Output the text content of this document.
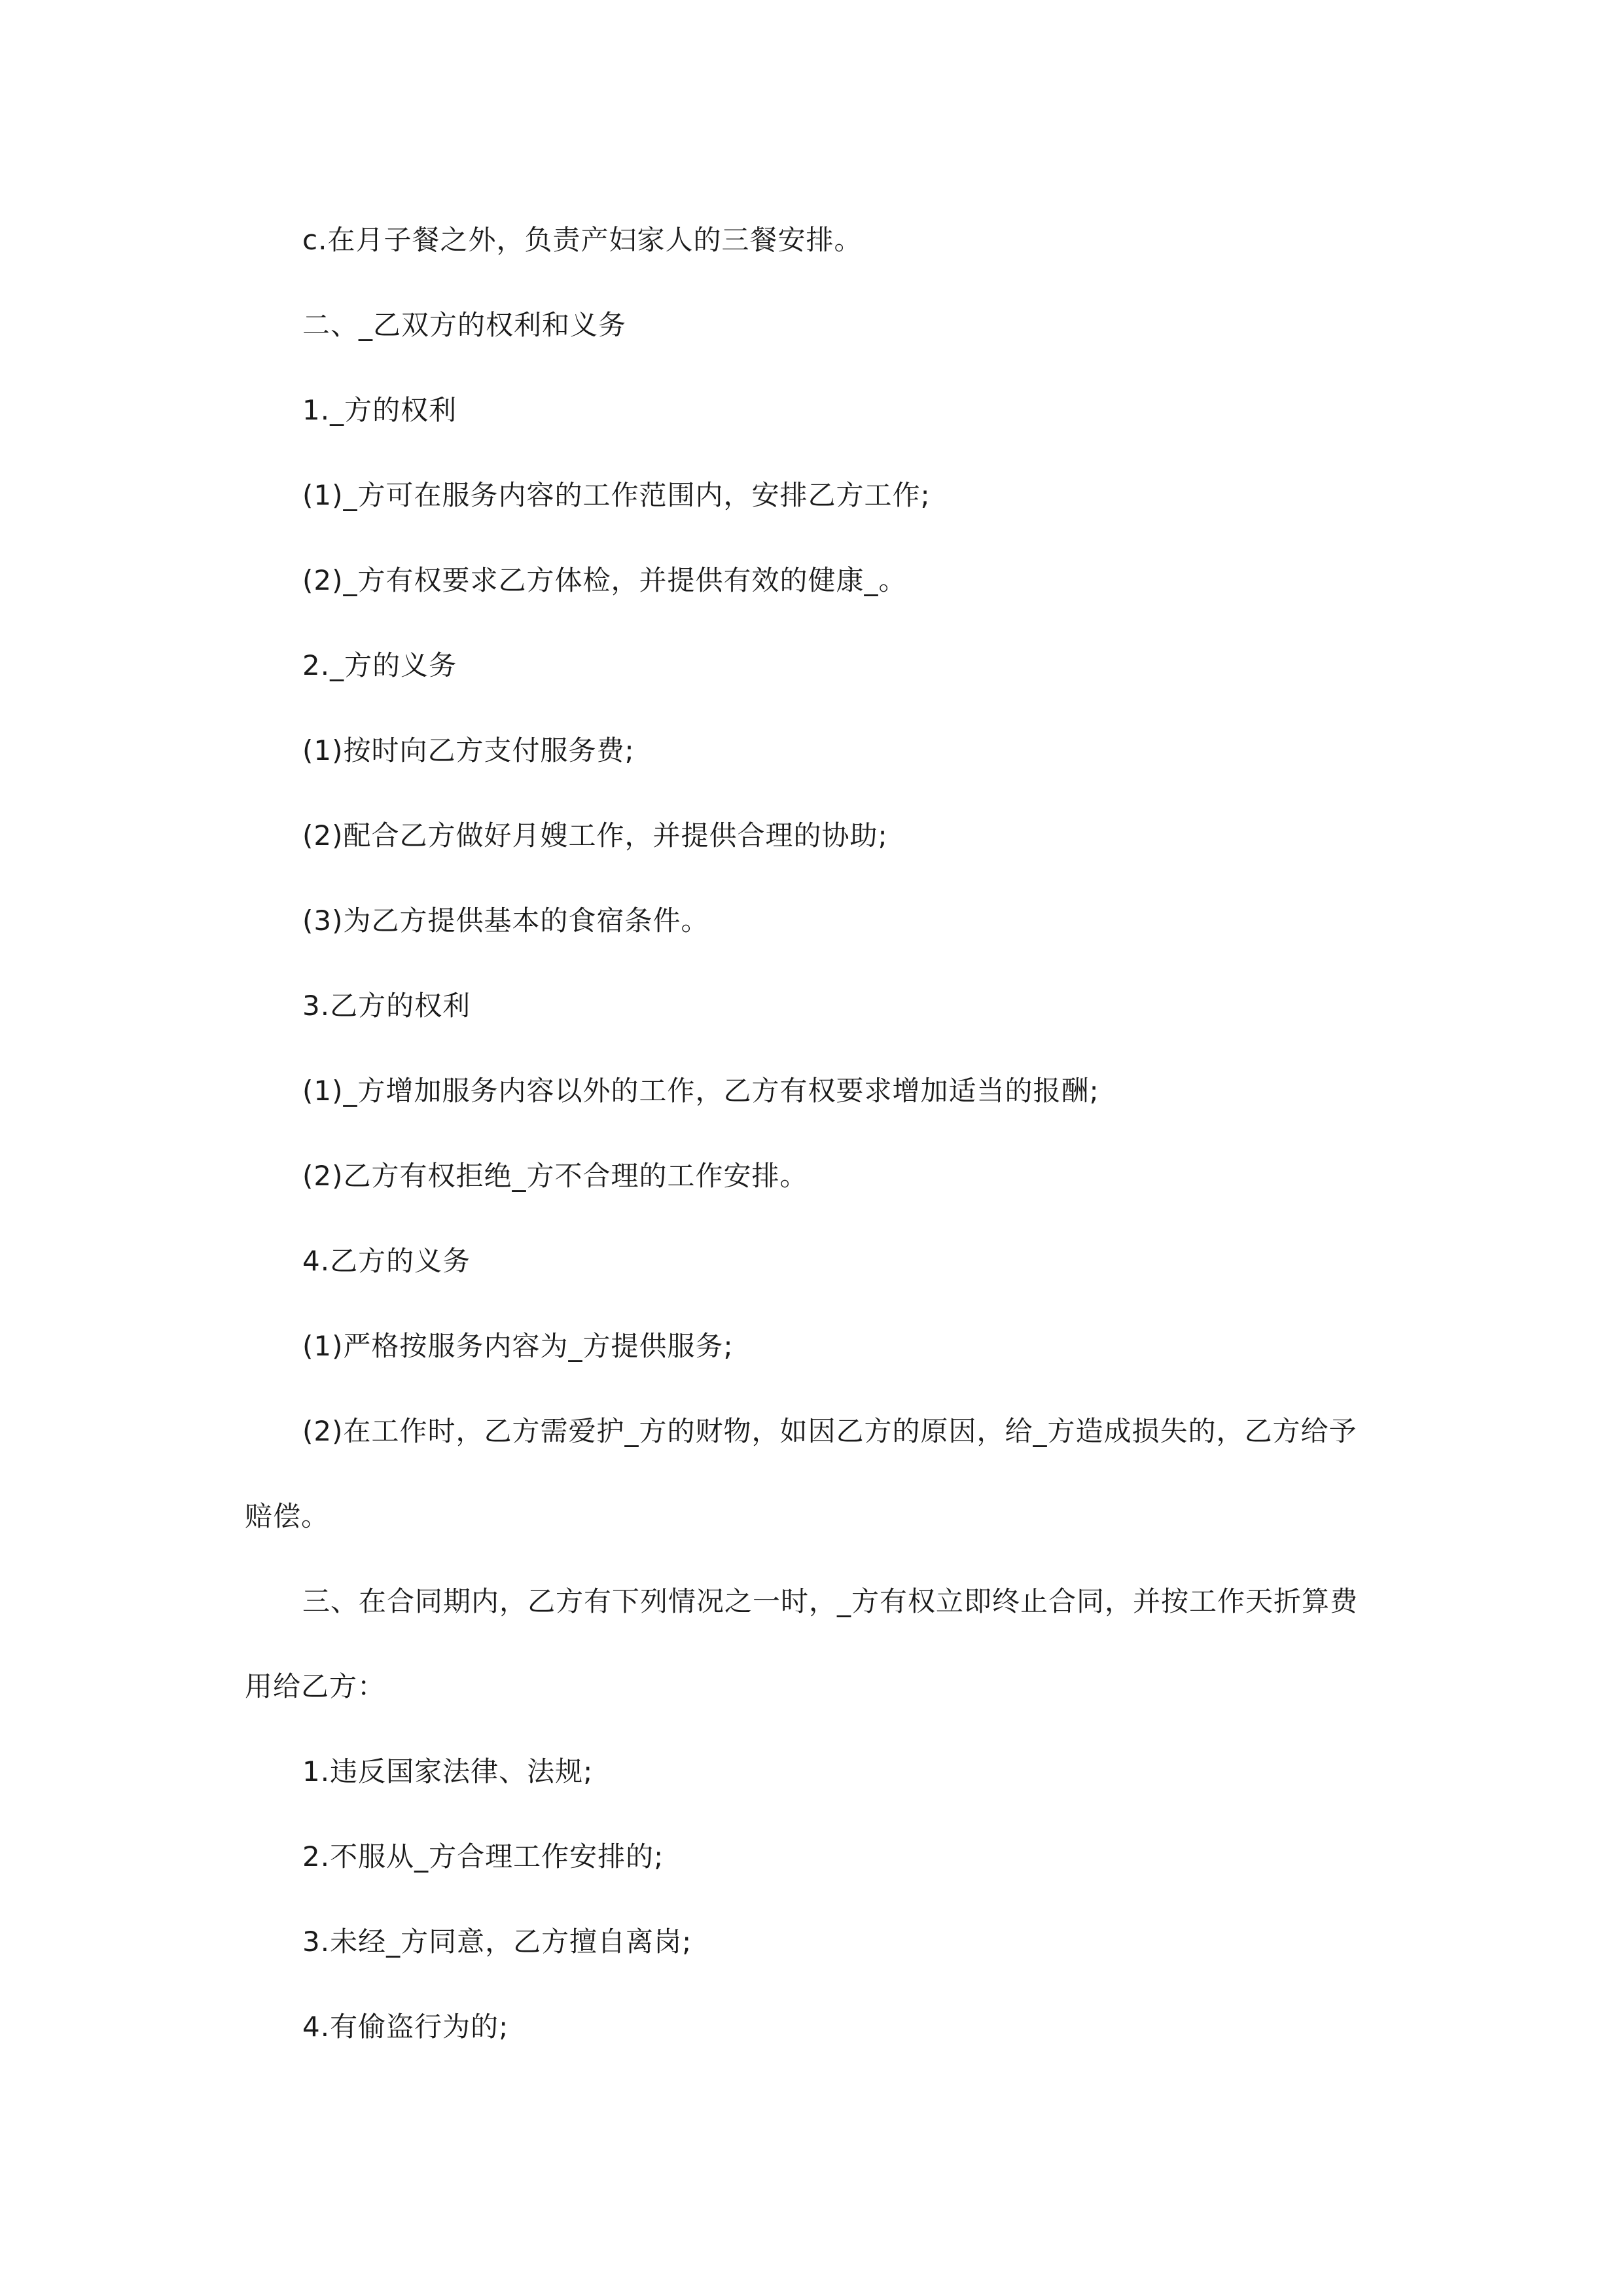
c.在月子餐之外，负责产妇家人的三餐安排。
二、_乙双方的权利和义务
1._方的权利
(1)_方可在服务内容的工作范围内，安排乙方工作;
(2)_方有权要求乙方体检，并提供有效的健康_。
2._方的义务
(1)按时向乙方支付服务费;
(2)配合乙方做好月嫂工作，并提供合理的协助;
(3)为乙方提供基本的食宿条件。
3.乙方的权利
(1)_方增加服务内容以外的工作，乙方有权要求增加适当的报酬;
(2)乙方有权拒绝_方不合理的工作安排。
4.乙方的义务
(1)严格按服务内容为_方提供服务;
(2)在工作时，乙方需爱护_方的财物，如因乙方的原因，给_方造成损失的，乙方给予
赔偿。
三、在合同期内，乙方有下列情况之一时，_方有权立即终止合同，并按工作天折算费
用给乙方：
1.违反国家法律、法规;
2.不服从_方合理工作安排的;
3.未经_方同意，乙方擅自离岗;
4.有偷盗行为的;
